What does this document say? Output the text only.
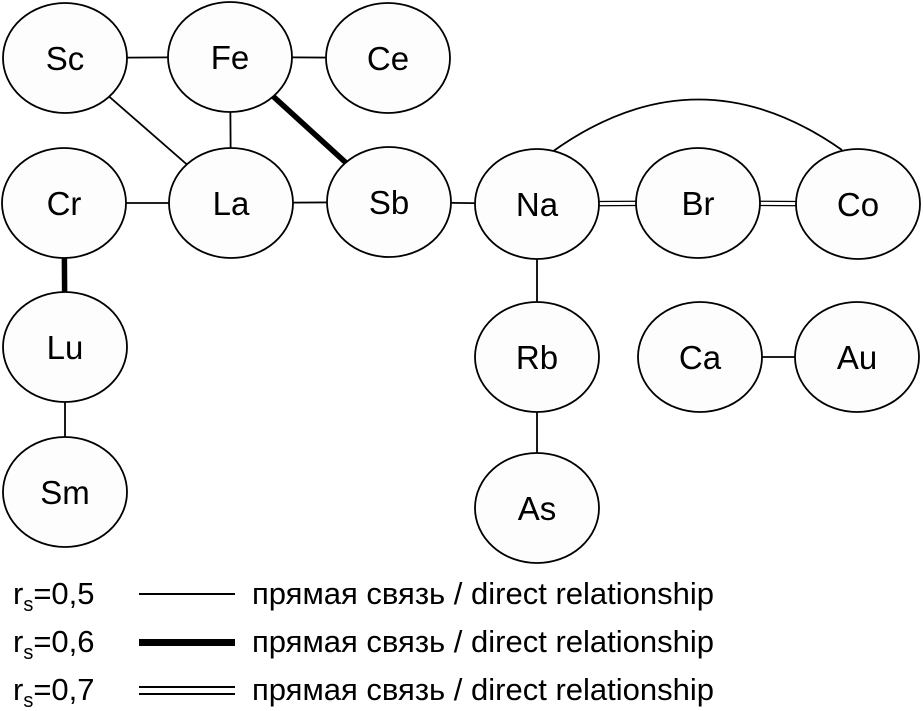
Sc	Fe	Ce
Cr	La	Sb	Na	Br	Co
Lu	Rb	Ca	Au
Sm	As
$r_s=0,5$	прямая связь / direct relationship
$r_s=0,6$	прямая связь / direct relationship
$r_s=0,7$	прямая связь / direct relationship
